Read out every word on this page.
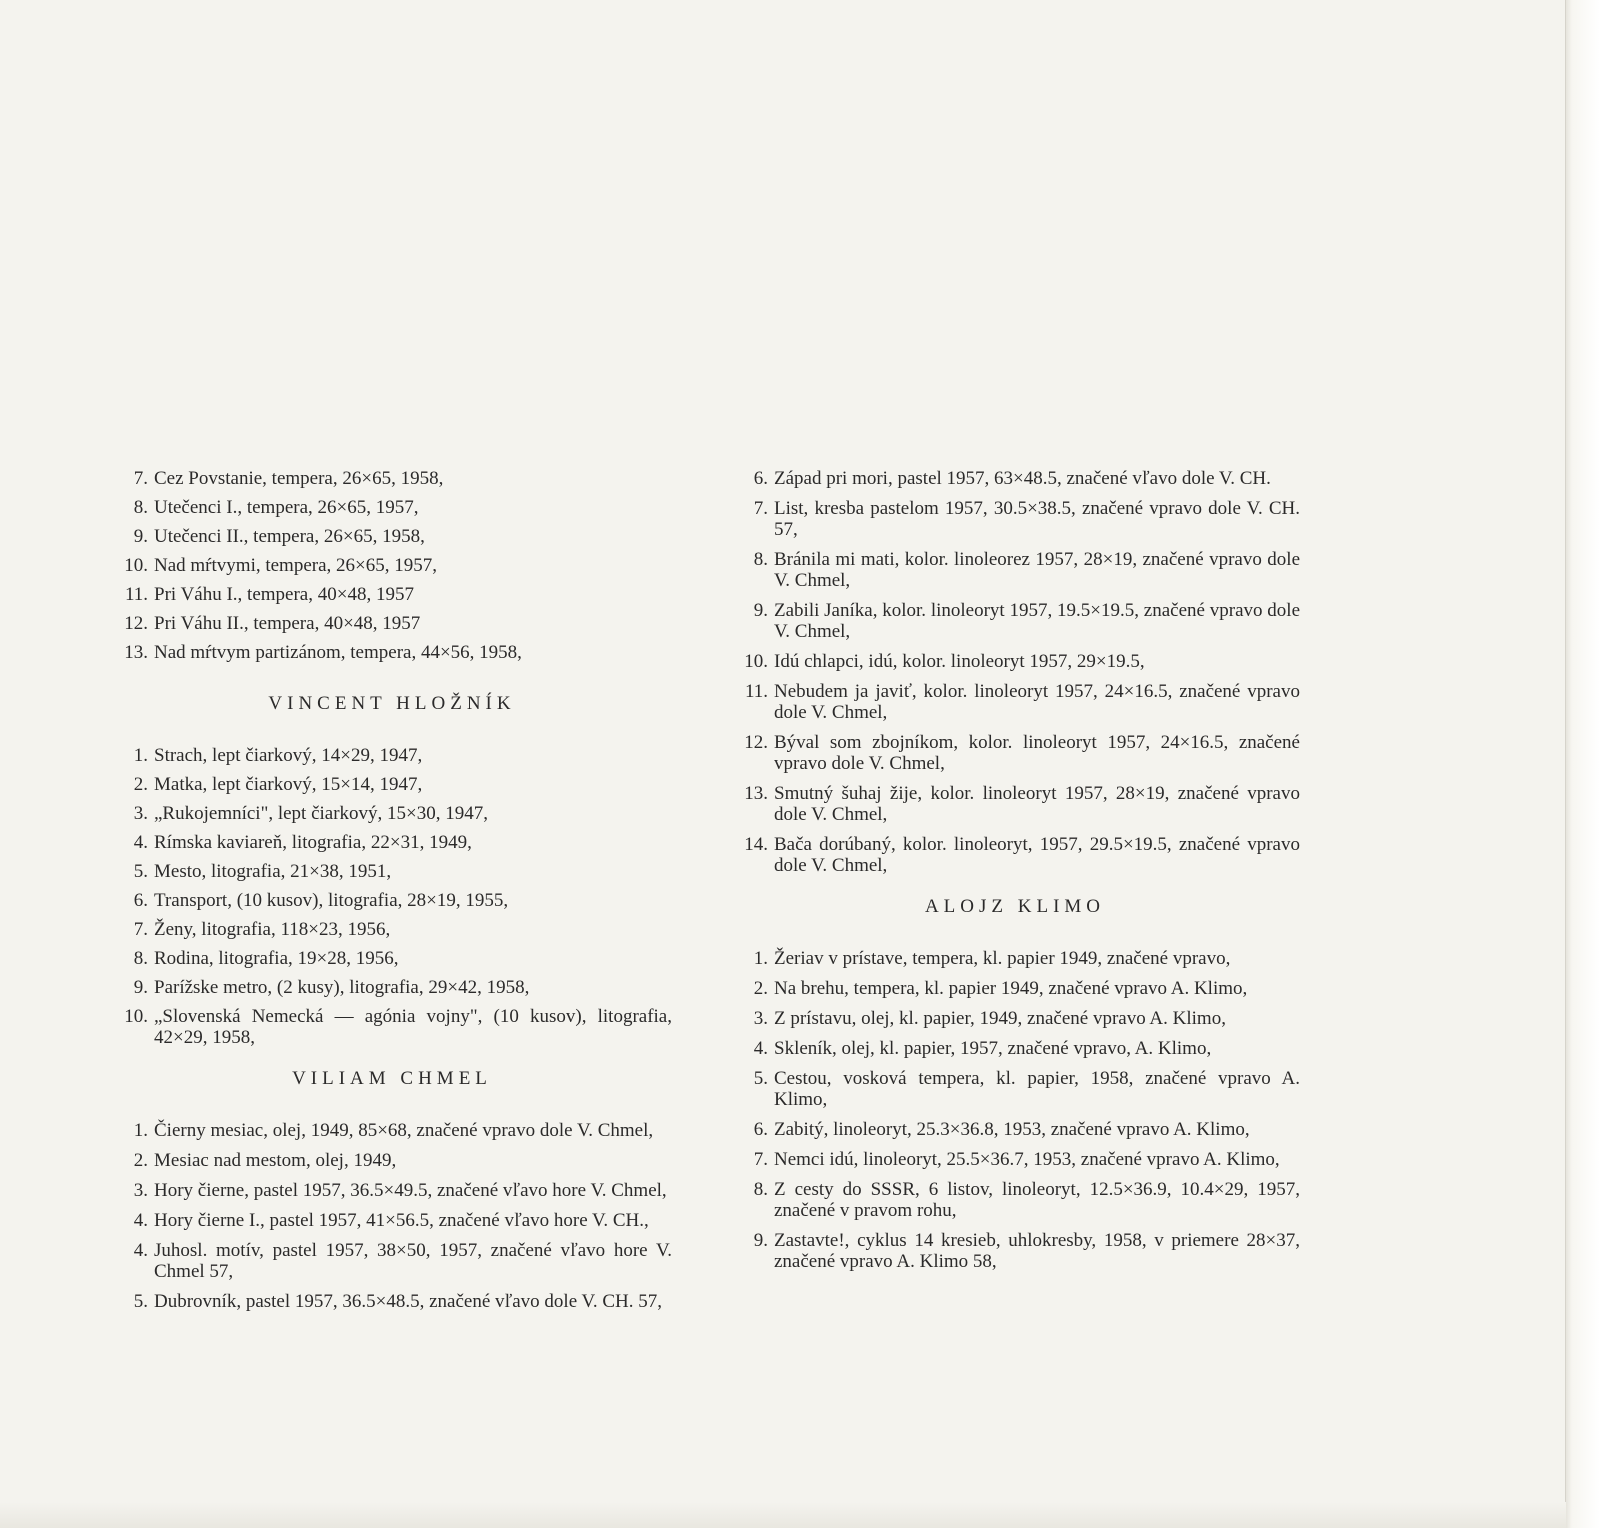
7. Cez Povstanie, tempera, 26×65, 1958,
8. Utečenci I., tempera, 26×65, 1957,
9. Utečenci II., tempera, 26×65, 1958,
10. Nad mŕtvymi, tempera, 26×65, 1957,
11. Pri Váhu I., tempera, 40×48, 1957
12. Pri Váhu II., tempera, 40×48, 1957
13. Nad mŕtvym partizánom, tempera, 44×56, 1958,
VINCENT HLOŽNÍK
1. Strach, lept čiarkový, 14×29, 1947,
2. Matka, lept čiarkový, 15×14, 1947,
3. „Rukojemníci", lept čiarkový, 15×30, 1947,
4. Rímska kaviareň, litografia, 22×31, 1949,
5. Mesto, litografia, 21×38, 1951,
6. Transport, (10 kusov), litografia, 28×19, 1955,
7. Ženy, litografia, 118×23, 1956,
8. Rodina, litografia, 19×28, 1956,
9. Parížske metro, (2 kusy), litografia, 29×42, 1958,
10. „Slovenská Nemecká — agónia vojny", (10 kusov), litografia, 42×29, 1958,
VILIAM CHMEL
1. Čierny mesiac, olej, 1949, 85×68, značené vpravo dole V. Chmel,
2. Mesiac nad mestom, olej, 1949,
3. Hory čierne, pastel 1957, 36.5×49.5, značené vľavo hore V. Chmel,
4. Hory čierne I., pastel 1957, 41×56.5, značené vľavo hore V. CH.,
4. Juhosl. motív, pastel 1957, 38×50, 1957, značené vľavo hore V. Chmel 57,
5. Dubrovník, pastel 1957, 36.5×48.5, značené vľavo dole V. CH. 57,
6. Západ pri mori, pastel 1957, 63×48.5, značené vľavo dole V. CH.
7. List, kresba pastelom 1957, 30.5×38.5, značené vpravo dole V. CH. 57,
8. Bránila mi mati, kolor. linoleorez 1957, 28×19, značené vpravo dole V. Chmel,
9. Zabili Janíka, kolor. linoleoryt 1957, 19.5×19.5, značené vpravo dole V. Chmel,
10. Idú chlapci, idú, kolor. linoleoryt 1957, 29×19.5,
11. Nebudem ja javiť, kolor. linoleoryt 1957, 24×16.5, značené vpravo dole V. Chmel,
12. Býval som zbojníkom, kolor. linoleoryt 1957, 24×16.5, značené vpravo dole V. Chmel,
13. Smutný šuhaj žije, kolor. linoleoryt 1957, 28×19, značené vpravo dole V. Chmel,
14. Bača dorúbaný, kolor. linoleoryt, 1957, 29.5×19.5, značené vpravo dole V. Chmel,
ALOJZ KLIMO
1. Žeriav v prístave, tempera, kl. papier 1949, značené vpravo,
2. Na brehu, tempera, kl. papier 1949, značené vpravo A. Klimo,
3. Z prístavu, olej, kl. papier, 1949, značené vpravo A. Klimo,
4. Skleník, olej, kl. papier, 1957, značené vpravo, A. Klimo,
5. Cestou, vosková tempera, kl. papier, 1958, značené vpravo A. Klimo,
6. Zabitý, linoleoryt, 25.3×36.8, 1953, značené vpravo A. Klimo,
7. Nemci idú, linoleoryt, 25.5×36.7, 1953, značené vpravo A. Klimo,
8. Z cesty do SSSR, 6 listov, linoleoryt, 12.5×36.9, 10.4×29, 1957, značené v pravom rohu,
9. Zastavte!, cyklus 14 kresieb, uhlokresby, 1958, v priemere 28×37, značené vpravo A. Klimo 58,
